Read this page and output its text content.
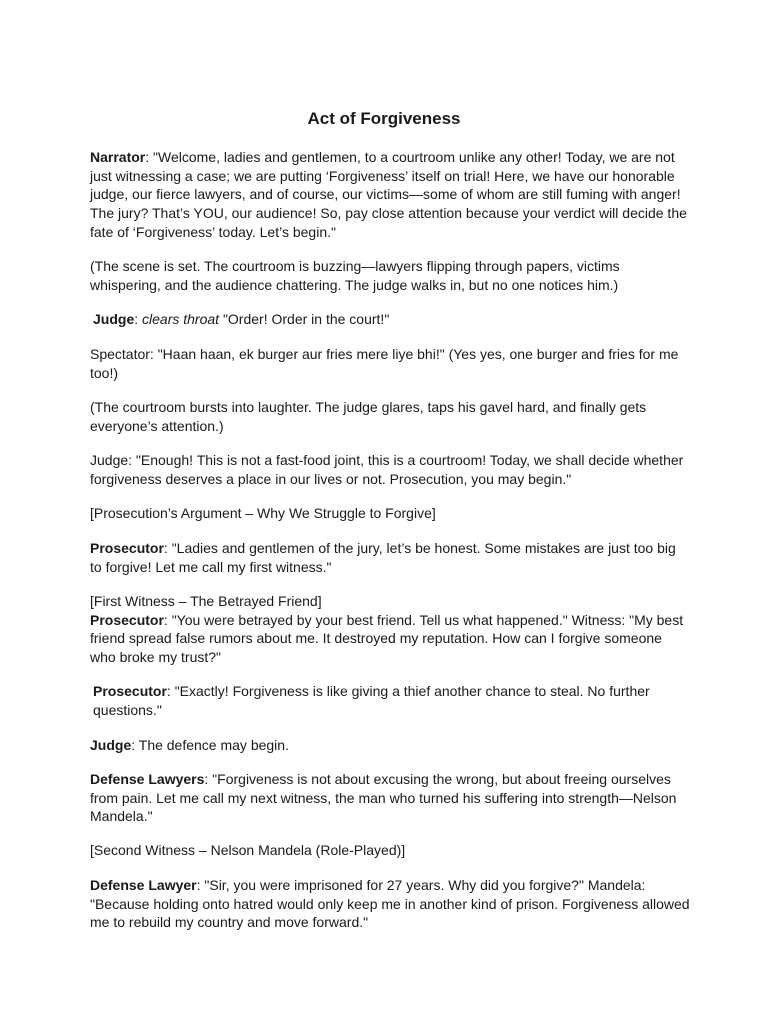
Act of Forgiveness

Narrator: "Welcome, ladies and gentlemen, to a courtroom unlike any other! Today, we are not just witnessing a case; we are putting ‘Forgiveness’ itself on trial! Here, we have our honorable judge, our fierce lawyers, and of course, our victims—some of whom are still fuming with anger! The jury? That’s YOU, our audience! So, pay close attention because your verdict will decide the fate of ‘Forgiveness’ today. Let’s begin."

(The scene is set. The courtroom is buzzing—lawyers flipping through papers, victims whispering, and the audience chattering. The judge walks in, but no one notices him.)

Judge: clears throat "Order! Order in the court!"

Spectator: "Haan haan, ek burger aur fries mere liye bhi!" (Yes yes, one burger and fries for me too!)

(The courtroom bursts into laughter. The judge glares, taps his gavel hard, and finally gets everyone’s attention.)

Judge: "Enough! This is not a fast-food joint, this is a courtroom! Today, we shall decide whether forgiveness deserves a place in our lives or not. Prosecution, you may begin."

[Prosecution’s Argument – Why We Struggle to Forgive]

Prosecutor: "Ladies and gentlemen of the jury, let’s be honest. Some mistakes are just too big to forgive! Let me call my first witness."

[First Witness – The Betrayed Friend]
Prosecutor: "You were betrayed by your best friend. Tell us what happened." Witness: "My best friend spread false rumors about me. It destroyed my reputation. How can I forgive someone who broke my trust?"

Prosecutor: "Exactly! Forgiveness is like giving a thief another chance to steal. No further questions."

Judge: The defence may begin.

Defense Lawyers: "Forgiveness is not about excusing the wrong, but about freeing ourselves from pain. Let me call my next witness, the man who turned his suffering into strength—Nelson Mandela."

[Second Witness – Nelson Mandela (Role-Played)]

Defense Lawyer: "Sir, you were imprisoned for 27 years. Why did you forgive?" Mandela: "Because holding onto hatred would only keep me in another kind of prison. Forgiveness allowed me to rebuild my country and move forward."
